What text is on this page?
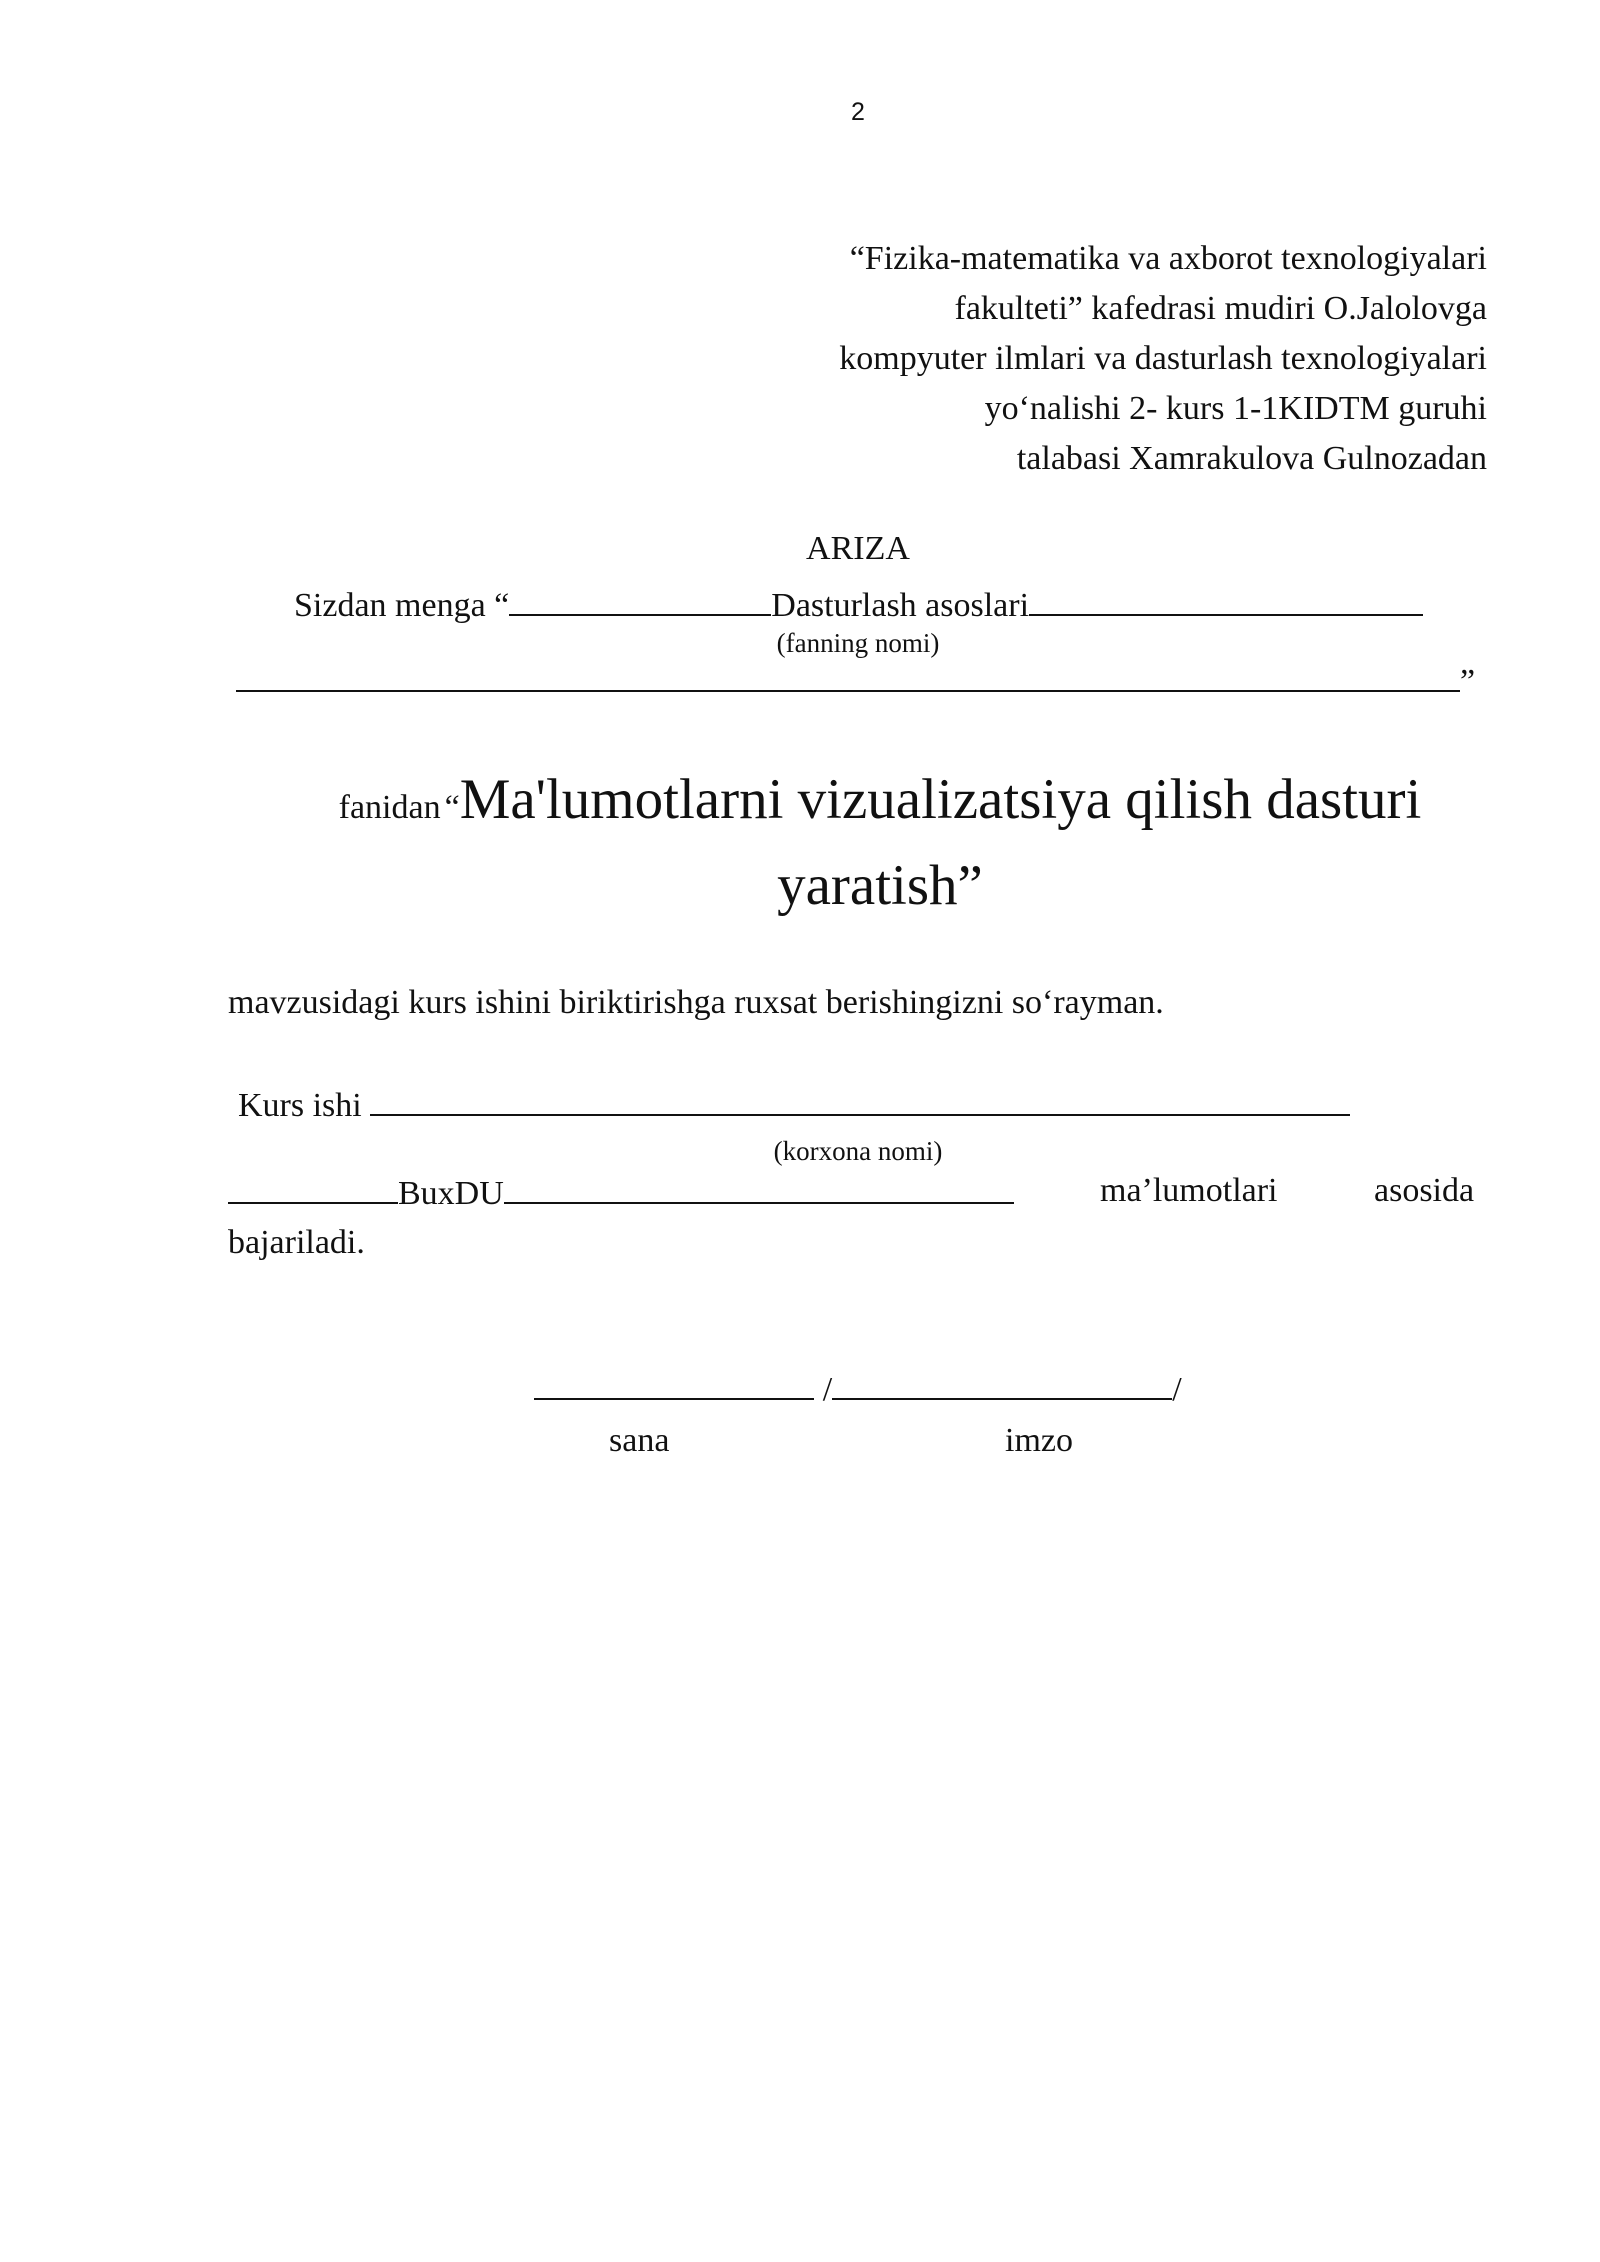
2
“Fizika-matematika va axborot texnologiyalari
fakulteti” kafedrasi mudiri O.Jalolovga
kompyuter ilmlari va dasturlash texnologiyalari
yo‘nalishi 2- kurs 1-1KIDTM guruhi
talabasi Xamrakulova Gulnozadan
ARIZA
Sizdan menga “	Dasturlash asoslari
(fanning nomi)
”
fanidan “Ma'lumotlarni vizualizatsiya qilish dasturi yaratish”
mavzusidagi kurs ishini biriktirishga ruxsat berishingizni so‘rayman.
Kurs ishi
(korxona nomi)
BuxDU	ma’lumotlari	asosida
bajariladi.
/	/
sana	imzo
